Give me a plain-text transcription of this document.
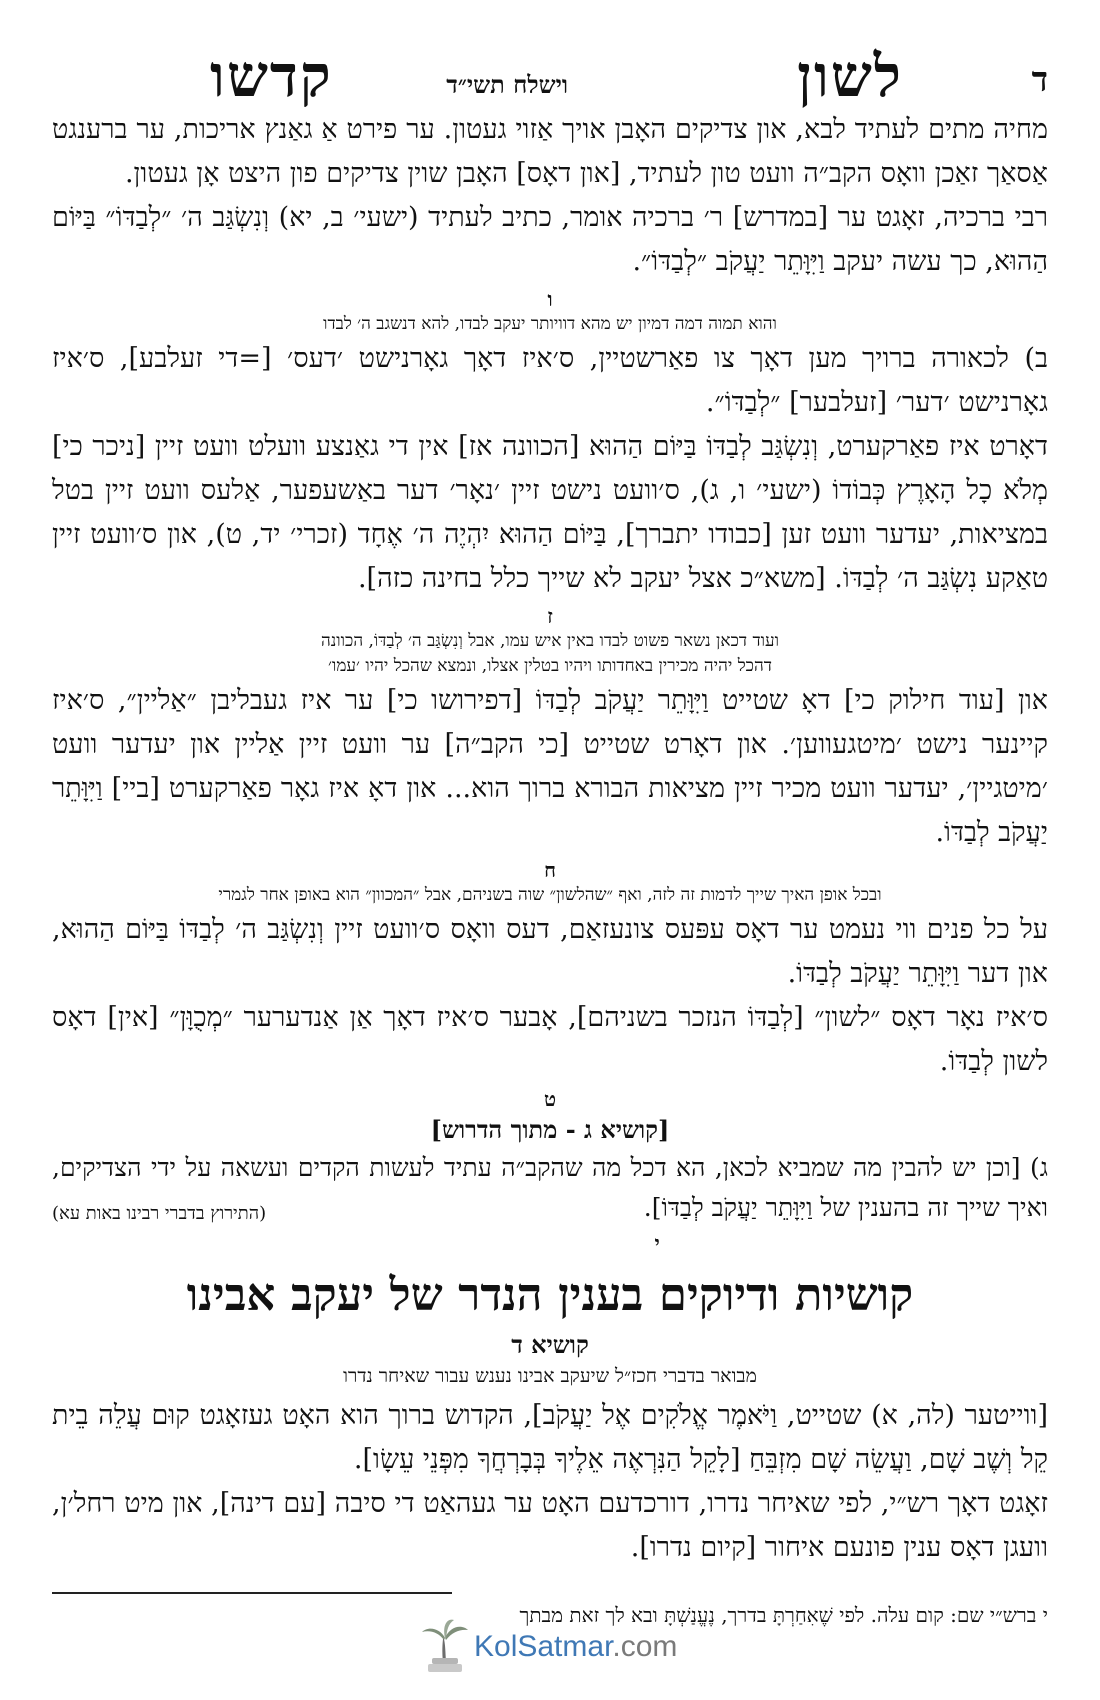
ד
לשון
וישלח תשי״ד
קדשו

מחיה מתים לעתיד לבא, און צדיקים האָבן אויך אַזוי געטון. ער פירט אַ גאַנץ אריכות, ער ברענגט אַסאַך זאַכן וואָס הקב״ה וועט טון לעתיד, [און דאָס] האָבן שוין צדיקים פון היצט אָן געטון.

רבי ברכיה, זאָגט ער [במדרש] ר׳ ברכיה אומר, כתיב לעתיד (ישעי׳ ב, יא) וְנִשְׂגַּב ה׳ ״לְבַדּוֹ״ בַּיּוֹם הַהוּא, כך עשה יעקב וַיִּוָּתֵר יַעֲקֹב ״לְבַדּוֹ״.

ו
והוא תמוה דמה דמיון יש מהא דוויותר יעקב לבדו, להא דנשגב ה׳ לבדו

ב) לכאורה ברויך מען דאָך צו פאַרשטיין, ס׳איז דאָך גאָרנישט ׳דעס׳ [=די זעלבע], ס׳איז גאָרנישט ׳דער׳ [זעלבער] ״לְבַדּוֹ״.

דאָרט איז פאַרקערט, וְנִשְׂגַּב לְבַדּוֹ בַּיּוֹם הַהוּא [הכוונה אז] אין די גאַנצע וועלט וועט זיין [ניכר כי] מְלֹא כָל הָאָרֶץ כְּבוֹדוֹ (ישעי׳ ו, ג), ס׳וועט נישט זיין ׳נאָר׳ דער באַשעפער, אַלעס וועט זיין בטל במציאות, יעדער וועט זען [כבודו יתברך], בַּיּוֹם הַהוּא יִהְיֶה ה׳ אֶחָד (זכרי׳ יד, ט), און ס׳וועט זיין טאַקע נִשְׂגַּב ה׳ לְבַדּוֹ. [משא״כ אצל יעקב לא שייך כלל בחינה כזה].

ז
ועוד דכאן נשאר פשוט לבדו באין איש עמו, אבל וְנִשְׂגַּב ה׳ לְבַדּוֹ, הכוונה
דהכל יהיה מכירין באחדותו ויהיו בטלין אצלו, ונמצא שהכל יהיו ׳עמו׳

און [עוד חילוק כי] דאָ שטייט וַיִּוָּתֵר יַעֲקֹב לְבַדּוֹ [דפירושו כי] ער איז געבליבן ״אַליין״, ס׳איז קיינער נישט ׳מיטגעווען׳. און דאָרט שטייט [כי הקב״ה] ער וועט זיין אַליין און יעדער וועט ׳מיטגיין׳, יעדער וועט מכיר זיין מציאות הבורא ברוך הוא... און דאָ איז גאָר פאַרקערט [ביי] וַיִּוָּתֵר יַעֲקֹב לְבַדּוֹ.

ח
ובכל אופן האיך שייך לדמות זה לזה, ואף ״שהלשון״ שוה בשניהם, אבל ״המכוון״ הוא באופן אחר לגמרי

על כל פנים ווי נעמט ער דאָס עפּעס צונעזאַם, דעס וואָס ס׳וועט זיין וְנִשְׂגַּב ה׳ לְבַדּוֹ בַּיּוֹם הַהוּא, און דער וַיִּוָּתֵר יַעֲקֹב לְבַדּוֹ.

ס׳איז נאָר דאָס ״לשון״ [לְבַדּוֹ הנזכר בשניהם], אָבער ס׳איז דאָך אַן אַנדערער ״מְכֻוָּן״ [אין] דאָס לשון לְבַדּוֹ.

ט
[קושיא ג - מתוך הדרוש]

ג) [וכן יש להבין מה שמביא לכאן, הא דכל מה שהקב״ה עתיד לעשות הקדים ועשאה על ידי הצדיקים, ואיך שייך זה בהענין של וַיִּוָּתֵר יַעֲקֹב לְבַדּוֹ].
(התירוץ בדברי רבינו באות עא)

י
קושיות ודיוקים בענין הנדר של יעקב אבינו
קושיא ד
מבואר בדברי חכז״ל שיעקב אבינו נענש עבור שאיחר נדרו

[ווייטער (לה, א) שטייט, וַיֹּאמֶר אֱלֹקִים אֶל יַעֲקֹב], הקדוש ברוך הוא האָט געזאָגט קוּם עֲלֵה בֵית קֵל וְשֶׁב שָׁם, וַעֲשֵׂה שָׁם מִזְבֵּחַ [לָקֵל הַנִּרְאֶה אֵלֶיךָ בְּבָרְחֲךָ מִפְּנֵי עֵשָׂו].

זאָגט דאָך רש״י, לפי שאיחר נדרו, דורכדעם האָט ער געהאַט די סיבה [עם דינה], און מיט רחל׳ן, וועגן דאָס ענין פונעם איחור [קיום נדרו].

י ברש״י שם: קום עלה. לפי שֶׁאִחַרְתָּ בדרך, נֶעֱנַשְׁתָּ ובא לך זאת מבתך
KolSatmar.com
